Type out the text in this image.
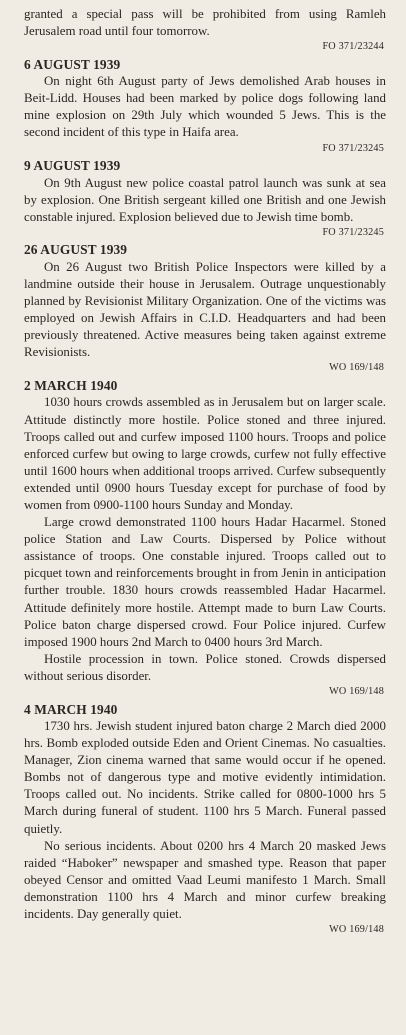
granted a special pass will be prohibited from using Ramleh Jerusalem road until four tomorrow.

FO 371/23244

6 AUGUST 1939

On night 6th August party of Jews demolished Arab houses in Beit-Lidd. Houses had been marked by police dogs following land mine explosion on 29th July which wounded 5 Jews. This is the second incident of this type in Haifa area.

FO 371/23245

9 AUGUST 1939

On 9th August new police coastal patrol launch was sunk at sea by explosion. One British sergeant killed one British and one Jewish constable injured. Explosion believed due to Jewish time bomb.

FO 371/23245

26 AUGUST 1939

On 26 August two British Police Inspectors were killed by a landmine outside their house in Jerusalem. Outrage unquestionably planned by Revisionist Military Organization. One of the victims was employed on Jewish Affairs in C.I.D. Headquarters and had been previously threatened. Active measures being taken against extreme Revisionists.

WO 169/148

2 MARCH 1940

1030 hours crowds assembled as in Jerusalem but on larger scale. Attitude distinctly more hostile. Police stoned and three injured. Troops called out and curfew imposed 1100 hours. Troops and police enforced curfew but owing to large crowds, curfew not fully effective until 1600 hours when additional troops arrived. Curfew subsequently extended until 0900 hours Tuesday except for purchase of food by women from 0900-1100 hours Sunday and Monday.

Large crowd demonstrated 1100 hours Hadar Hacarmel. Stoned police Station and Law Courts. Dispersed by Police without assistance of troops. One constable injured. Troops called out to picquet town and reinforcements brought in from Jenin in anticipation further trouble. 1830 hours crowds reassembled Hadar Hacarmel. Attitude definitely more hostile. Attempt made to burn Law Courts. Police baton charge dispersed crowd. Four Police injured. Curfew imposed 1900 hours 2nd March to 0400 hours 3rd March.

Hostile procession in town. Police stoned. Crowds dispersed without serious disorder.

WO 169/148

4 MARCH 1940

1730 hrs. Jewish student injured baton charge 2 March died 2000 hrs. Bomb exploded outside Eden and Orient Cinemas. No casualties. Manager, Zion cinema warned that same would occur if he opened. Bombs not of dangerous type and motive evidently intimidation. Troops called out. No incidents. Strike called for 0800-1000 hrs 5 March during funeral of student. 1100 hrs 5 March. Funeral passed quietly.

No serious incidents. About 0200 hrs 4 March 20 masked Jews raided “Haboker” newspaper and smashed type. Reason that paper obeyed Censor and omitted Vaad Leumi manifesto 1 March. Small demonstration 1100 hrs 4 March and minor curfew breaking incidents. Day generally quiet.

WO 169/148
